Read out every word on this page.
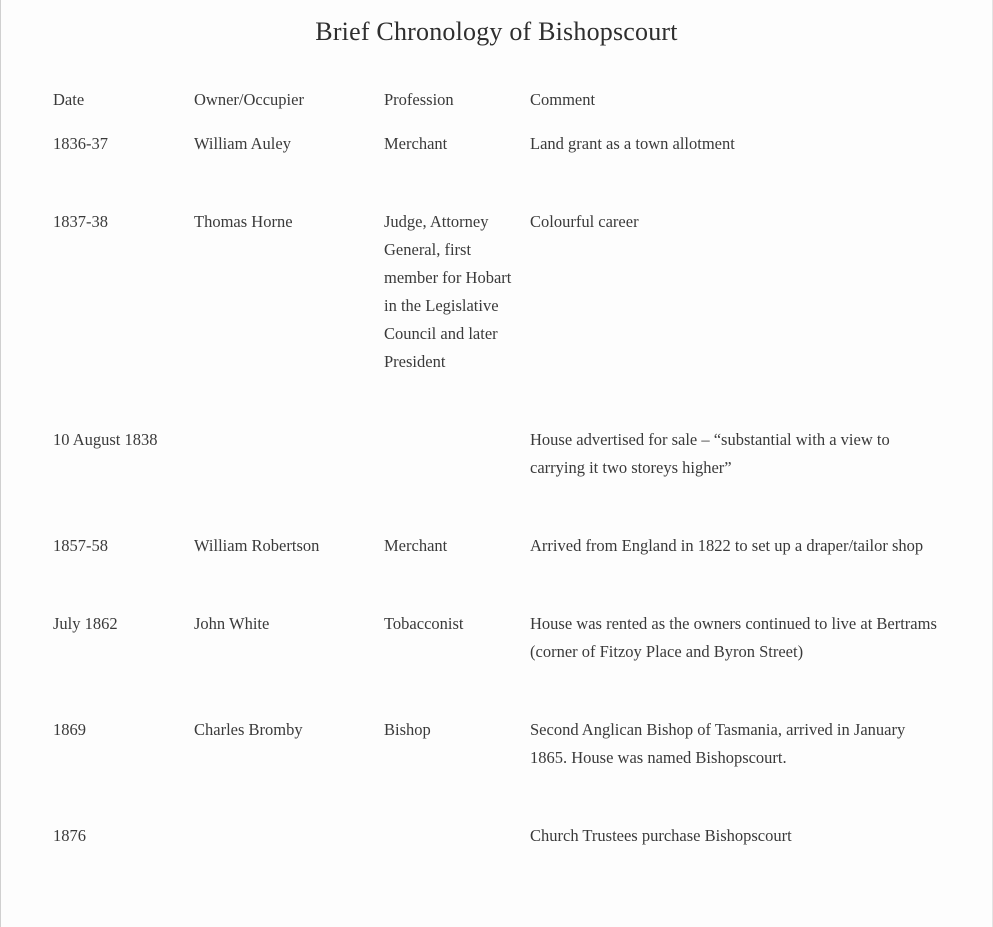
Brief Chronology of Bishopscourt
Date	Owner/Occupier	Profession	Comment
1836-37	William Auley	Merchant	Land grant as a town allotment
1837-38	Thomas Horne	Judge, Attorney General, first member for Hobart in the Legislative Council and later President	Colourful career
10 August 1838			House advertised for sale – “substantial with a view to carrying it two storeys higher”
1857-58	William Robertson	Merchant	Arrived from England in 1822 to set up a draper/tailor shop
July 1862	John White	Tobacconist	House was rented as the owners continued to live at Bertrams (corner of Fitzoy Place and Byron Street)
1869	Charles Bromby	Bishop	Second Anglican Bishop of Tasmania, arrived in January 1865. House was named Bishopscourt.
1876			Church Trustees purchase Bishopscourt
